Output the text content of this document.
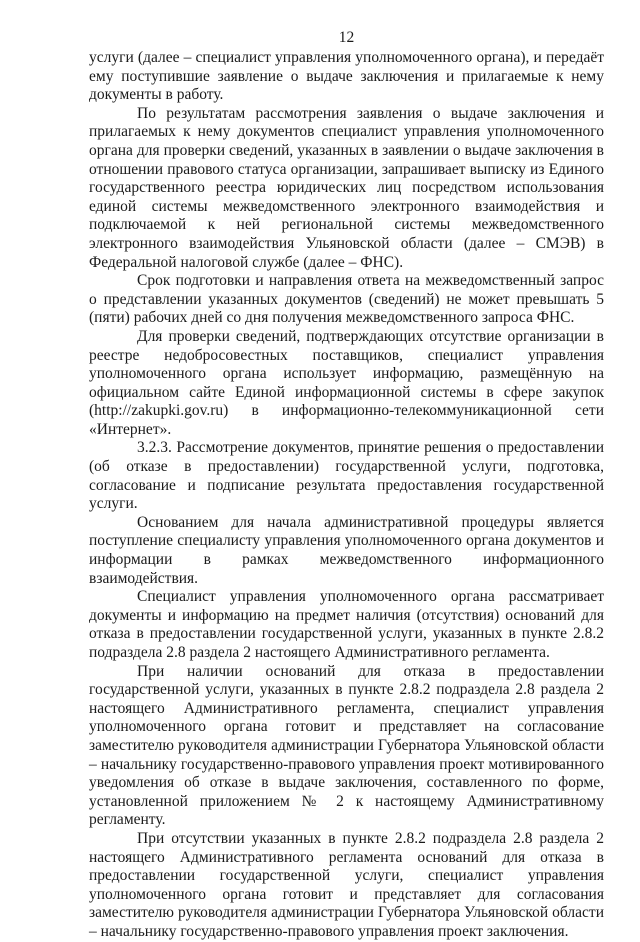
12

услуги (далее – специалист управления уполномоченного органа), и передаёт ему поступившие заявление о выдаче заключения и прилагаемые к нему документы в работу.

По результатам рассмотрения заявления о выдаче заключения и прилагаемых к нему документов специалист управления уполномоченного органа для проверки сведений, указанных в заявлении о выдаче заключения в отношении правового статуса организации, запрашивает выписку из Единого государственного реестра юридических лиц посредством использования единой системы межведомственного электронного взаимодействия и подключаемой к ней региональной системы межведомственного электронного взаимодействия Ульяновской области (далее – СМЭВ) в Федеральной налоговой службе (далее – ФНС).

Срок подготовки и направления ответа на межведомственный запрос о представлении указанных документов (сведений) не может превышать 5 (пяти) рабочих дней со дня получения межведомственного запроса ФНС.

Для проверки сведений, подтверждающих отсутствие организации в реестре недобросовестных поставщиков, специалист управления уполномоченного органа использует информацию, размещённую на официальном сайте Единой информационной системы в сфере закупок (http://zakupki.gov.ru) в информационно-телекоммуникационной сети «Интернет».

3.2.3. Рассмотрение документов, принятие решения о предоставлении (об отказе в предоставлении) государственной услуги, подготовка, согласование и подписание результата предоставления государственной услуги.

Основанием для начала административной процедуры является поступление специалисту управления уполномоченного органа документов и информации в рамках межведомственного информационного взаимодействия.

Специалист управления уполномоченного органа рассматривает документы и информацию на предмет наличия (отсутствия) оснований для отказа в предоставлении государственной услуги, указанных в пункте 2.8.2 подраздела 2.8 раздела 2 настоящего Административного регламента.

При наличии оснований для отказа в предоставлении государственной услуги, указанных в пункте 2.8.2 подраздела 2.8 раздела 2 настоящего Административного регламента, специалист управления уполномоченного органа готовит и представляет на согласование заместителю руководителя администрации Губернатора Ульяновской области – начальнику государственно-правового управления проект мотивированного уведомления об отказе в выдаче заключения, составленного по форме, установленной приложением № 2 к настоящему Административному регламенту.

При отсутствии указанных в пункте 2.8.2 подраздела 2.8 раздела 2 настоящего Административного регламента оснований для отказа в предоставлении государственной услуги, специалист управления уполномоченного органа готовит и представляет для согласования заместителю руководителя администрации Губернатора Ульяновской области – начальнику государственно-правового управления проект заключения.
